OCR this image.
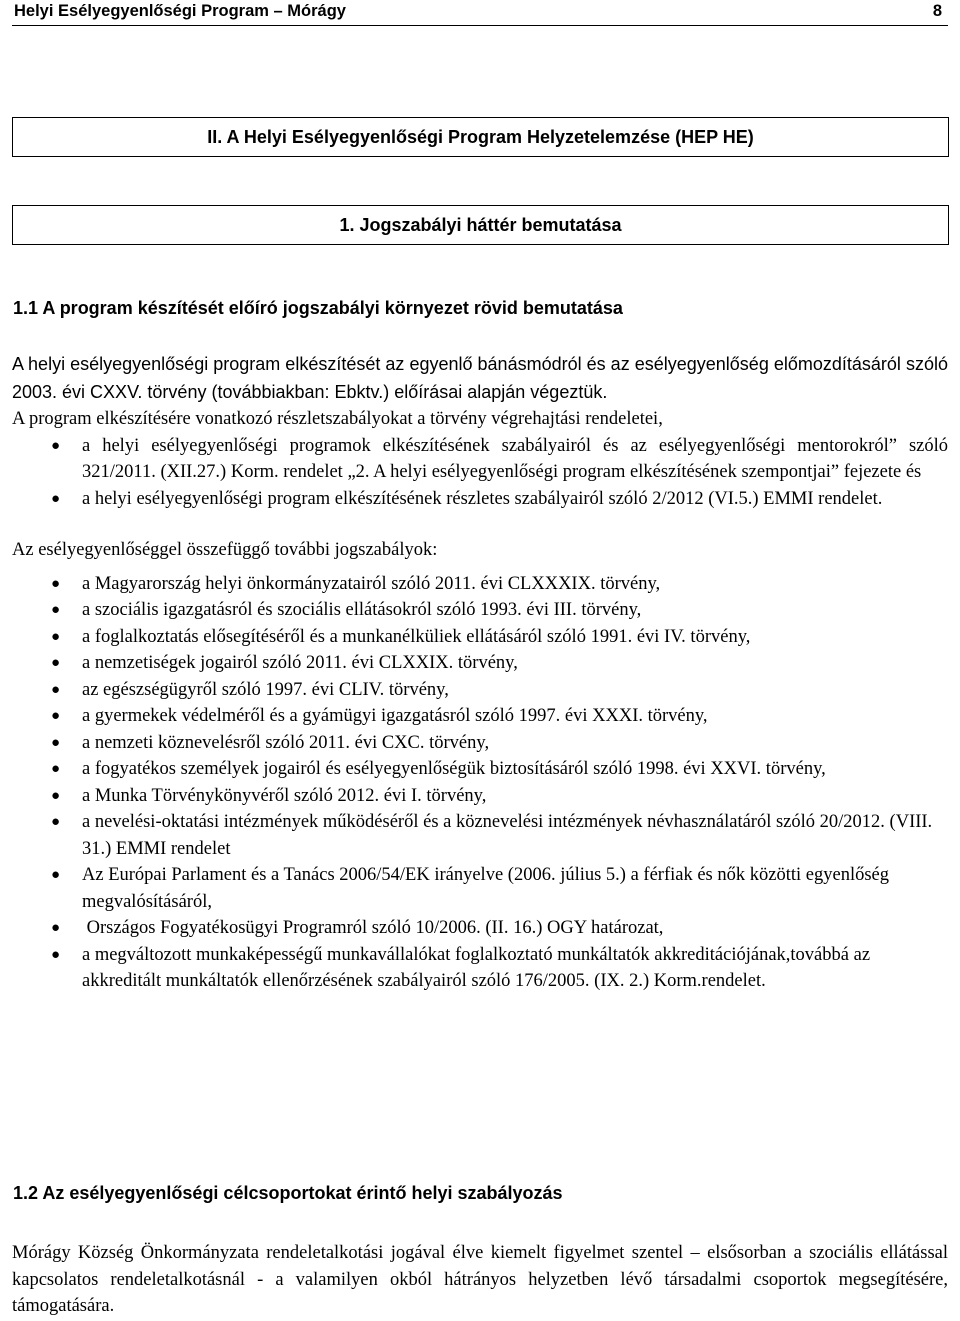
Helyi Esélyegyenlőségi Program – Mórágy	8
II. A Helyi Esélyegyenlőségi Program Helyzetelemzése (HEP HE)
1. Jogszabályi háttér bemutatása
1.1 A program készítését előíró jogszabályi környezet rövid bemutatása

A helyi esélyegyenlőségi program elkészítését az egyenlő bánásmódról és az esélyegyenlőség előmozdításáról szóló 2003. évi CXXV. törvény (továbbiakban: Ebktv.) előírásai alapján végeztük.

A program elkészítésére vonatkozó részletszabályokat a törvény végrehajtási rendeletei,

● a helyi esélyegyenlőségi programok elkészítésének szabályairól és az esélyegyenlőségi mentorokról” szóló 321/2011. (XII.27.) Korm. rendelet „2. A helyi esélyegyenlőségi program elkészítésének szempontjai” fejezete és
● a helyi esélyegyenlőségi program elkészítésének részletes szabályairól szóló 2/2012 (VI.5.) EMMI rendelet.

Az esélyegyenlőséggel összefüggő további jogszabályok:

● a Magyarország helyi önkormányzatairól szóló 2011. évi CLXXXIX. törvény,
● a szociális igazgatásról és szociális ellátásokról szóló 1993. évi III. törvény,
● a foglalkoztatás elősegítéséről és a munkanélküliek ellátásáról szóló 1991. évi IV. törvény,
● a nemzetiségek jogairól szóló 2011. évi CLXXIX. törvény,
● az egészségügyről szóló 1997. évi CLIV. törvény,
● a gyermekek védelméről és a gyámügyi igazgatásról szóló 1997. évi XXXI. törvény,
● a nemzeti köznevelésről szóló 2011. évi CXC. törvény,
● a fogyatékos személyek jogairól és esélyegyenlőségük biztosításáról szóló 1998. évi XXVI. törvény,
● a Munka Törvénykönyvéről szóló 2012. évi I. törvény,
● a nevelési-oktatási intézmények működéséről és a köznevelési intézmények névhasználatáról szóló 20/2012. (VIII. 31.) EMMI rendelet
● Az Európai Parlament és a Tanács 2006/54/EK irányelve (2006. július 5.) a férfiak és nők közötti egyenlőség megvalósításáról,
● Országos Fogyatékosügyi Programról szóló 10/2006. (II. 16.) OGY határozat,
● a megváltozott munkaképességű munkavállalókat foglalkoztató munkáltatók akkreditációjának,továbbá az akkreditált munkáltatók ellenőrzésének szabályairól szóló 176/2005. (IX. 2.) Korm.rendelet.
1.2 Az esélyegyenlőségi célcsoportokat érintő helyi szabályozás

Mórágy Község Önkormányzata rendeletalkotási jogával élve kiemelt figyelmet szentel – elsősorban a szociális ellátással kapcsolatos rendeletalkotásnál - a valamilyen okból hátrányos helyzetben lévő társadalmi csoportok megsegítésére, támogatására.
